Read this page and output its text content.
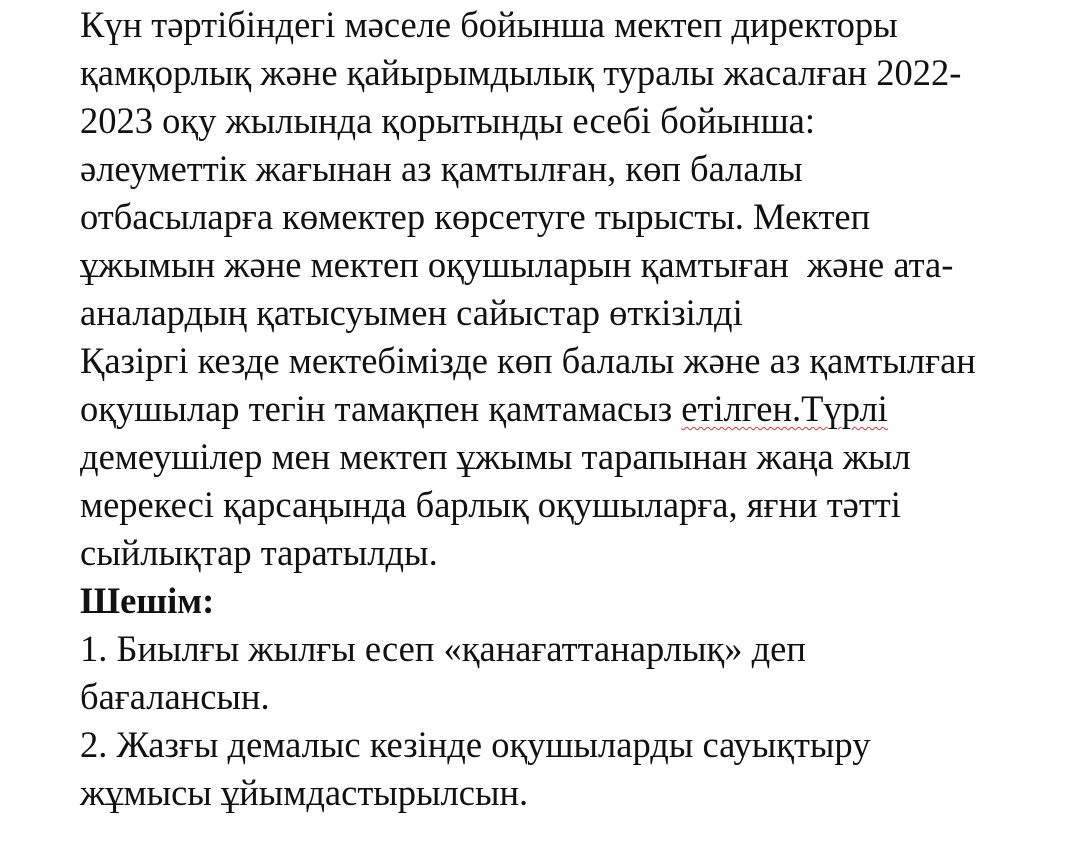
Күн тәртібіндегі мәселе бойынша мектеп директоры
қамқорлық және қайырымдылық туралы жасалған 2022-
2023 оқу жылында қорытынды есебі бойынша:
әлеуметтік жағынан аз қамтылған, көп балалы
отбасыларға көмектер көрсетуге тырысты. Мектеп
ұжымын және мектеп оқушыларын қамтыған  және ата-
аналардың қатысуымен сайыстар өткізілді
Қазіргі кезде мектебімізде көп балалы және аз қамтылған
оқушылар тегін тамақпен қамтамасыз етілген.Түрлі
демеушілер мен мектеп ұжымы тарапынан жаңа жыл
мерекесі қарсаңында барлық оқушыларға, яғни тәтті
сыйлықтар таратылды.
Шешім:
1. Биылғы жылғы есеп «қанағаттанарлық» деп
бағалансын.
2. Жазғы демалыс кезінде оқушыларды сауықтыру
жұмысы ұйымдастырылсын.
